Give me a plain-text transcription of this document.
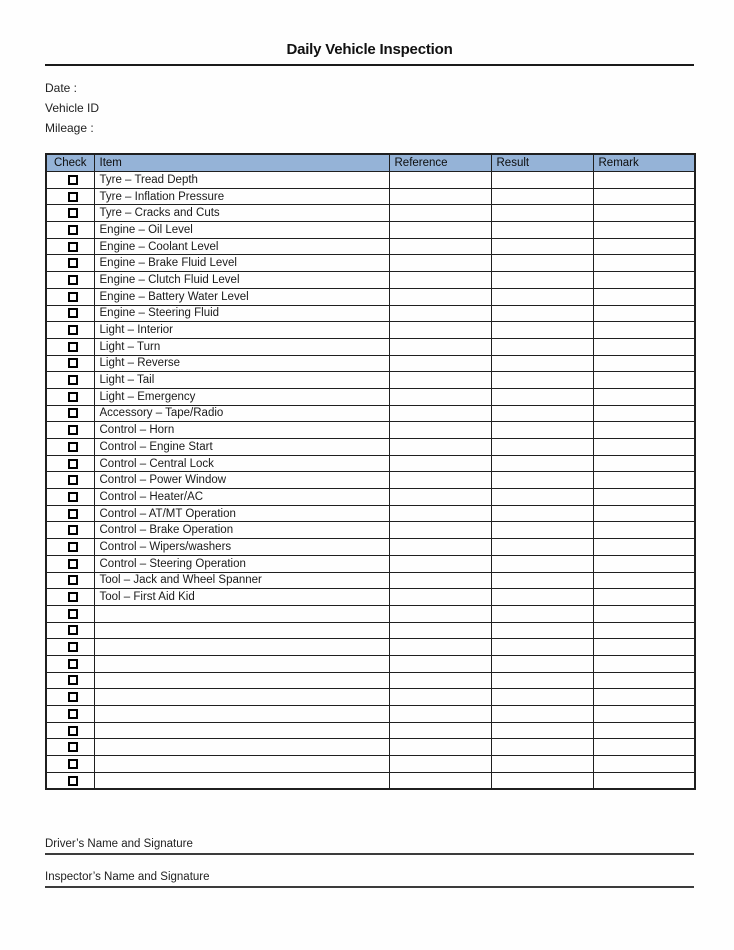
Daily Vehicle Inspection
Date :
Vehicle ID
Mileage :
Check	Item	Reference	Result	Remark
	Tyre – Tread Depth			
	Tyre – Inflation Pressure			
	Tyre – Cracks and Cuts			
	Engine – Oil Level			
	Engine – Coolant Level			
	Engine – Brake Fluid Level			
	Engine – Clutch Fluid Level			
	Engine – Battery Water Level			
	Engine – Steering Fluid			
	Light – Interior			
	Light – Turn			
	Light – Reverse			
	Light – Tail			
	Light – Emergency			
	Accessory – Tape/Radio			
	Control – Horn			
	Control – Engine Start			
	Control – Central Lock			
	Control – Power Window			
	Control – Heater/AC			
	Control – AT/MT Operation			
	Control – Brake Operation			
	Control – Wipers/washers			
	Control – Steering Operation			
	Tool – Jack and Wheel Spanner			
	Tool – First Aid Kid			

Driver’s Name and Signature
Inspector’s Name and Signature
